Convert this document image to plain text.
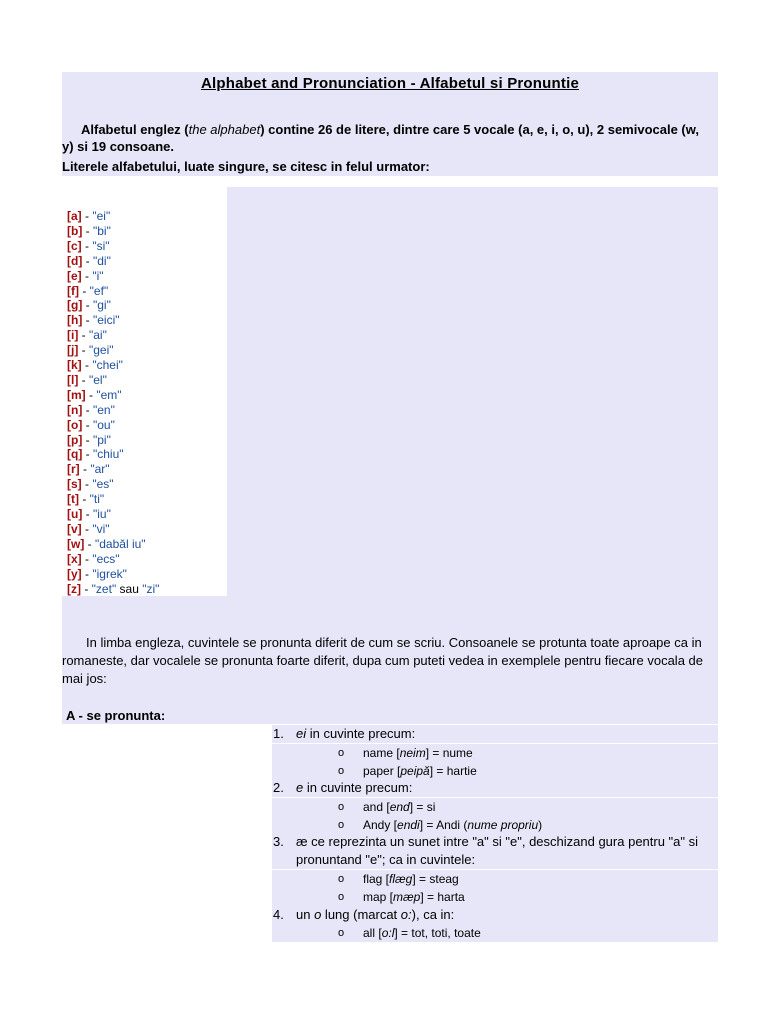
Alphabet and Pronunciation - Alfabetul si Pronuntie

Alfabetul englez (the alphabet) contine 26 de litere, dintre care 5 vocale (a, e, i, o, u), 2 semivocale (w, y) si 19 consoane.

Literele alfabetului, luate singure, se citesc in felul urmator:

[a] - "ei"
[b] - "bi"
[c] - "si"
[d] - "di"
[e] - "i"
[f] - "ef"
[g] - "gi"
[h] - "eici"
[i] - "ai"
[j] - "gei"
[k] - "chei"
[l] - "el"
[m] - "em"
[n] - "en"
[o] - "ou"
[p] - "pi"
[q] - "chiu"
[r] - "ar"
[s] - "es"
[t] - "ti"
[u] - "iu"
[v] - "vi"
[w] - "dabăl iu"
[x] - "ecs"
[y] - "igrek"
[z] - "zet" sau "zi"
In limba engleza, cuvintele se pronunta diferit de cum se scriu. Consoanele se protunta toate aproape ca in romaneste, dar vocalele se pronunta foarte diferit, dupa cum puteti vedea in exemplele pentru fiecare vocala de mai jos:
A - se pronunta:
1. ei in cuvinte precum:
o name [neim] = nume
o paper [peipă] = hartie
2. e in cuvinte precum:
o and [end] = si
o Andy [endi] = Andi (nume propriu)
3. æ ce reprezinta un sunet intre "a" si "e", deschizand gura pentru "a" si pronuntand "e"; ca in cuvintele:
o flag [flæg] = steag
o map [mæp] = harta
4. un o lung (marcat o:), ca in:
o all [o:l] = tot, toti, toate
